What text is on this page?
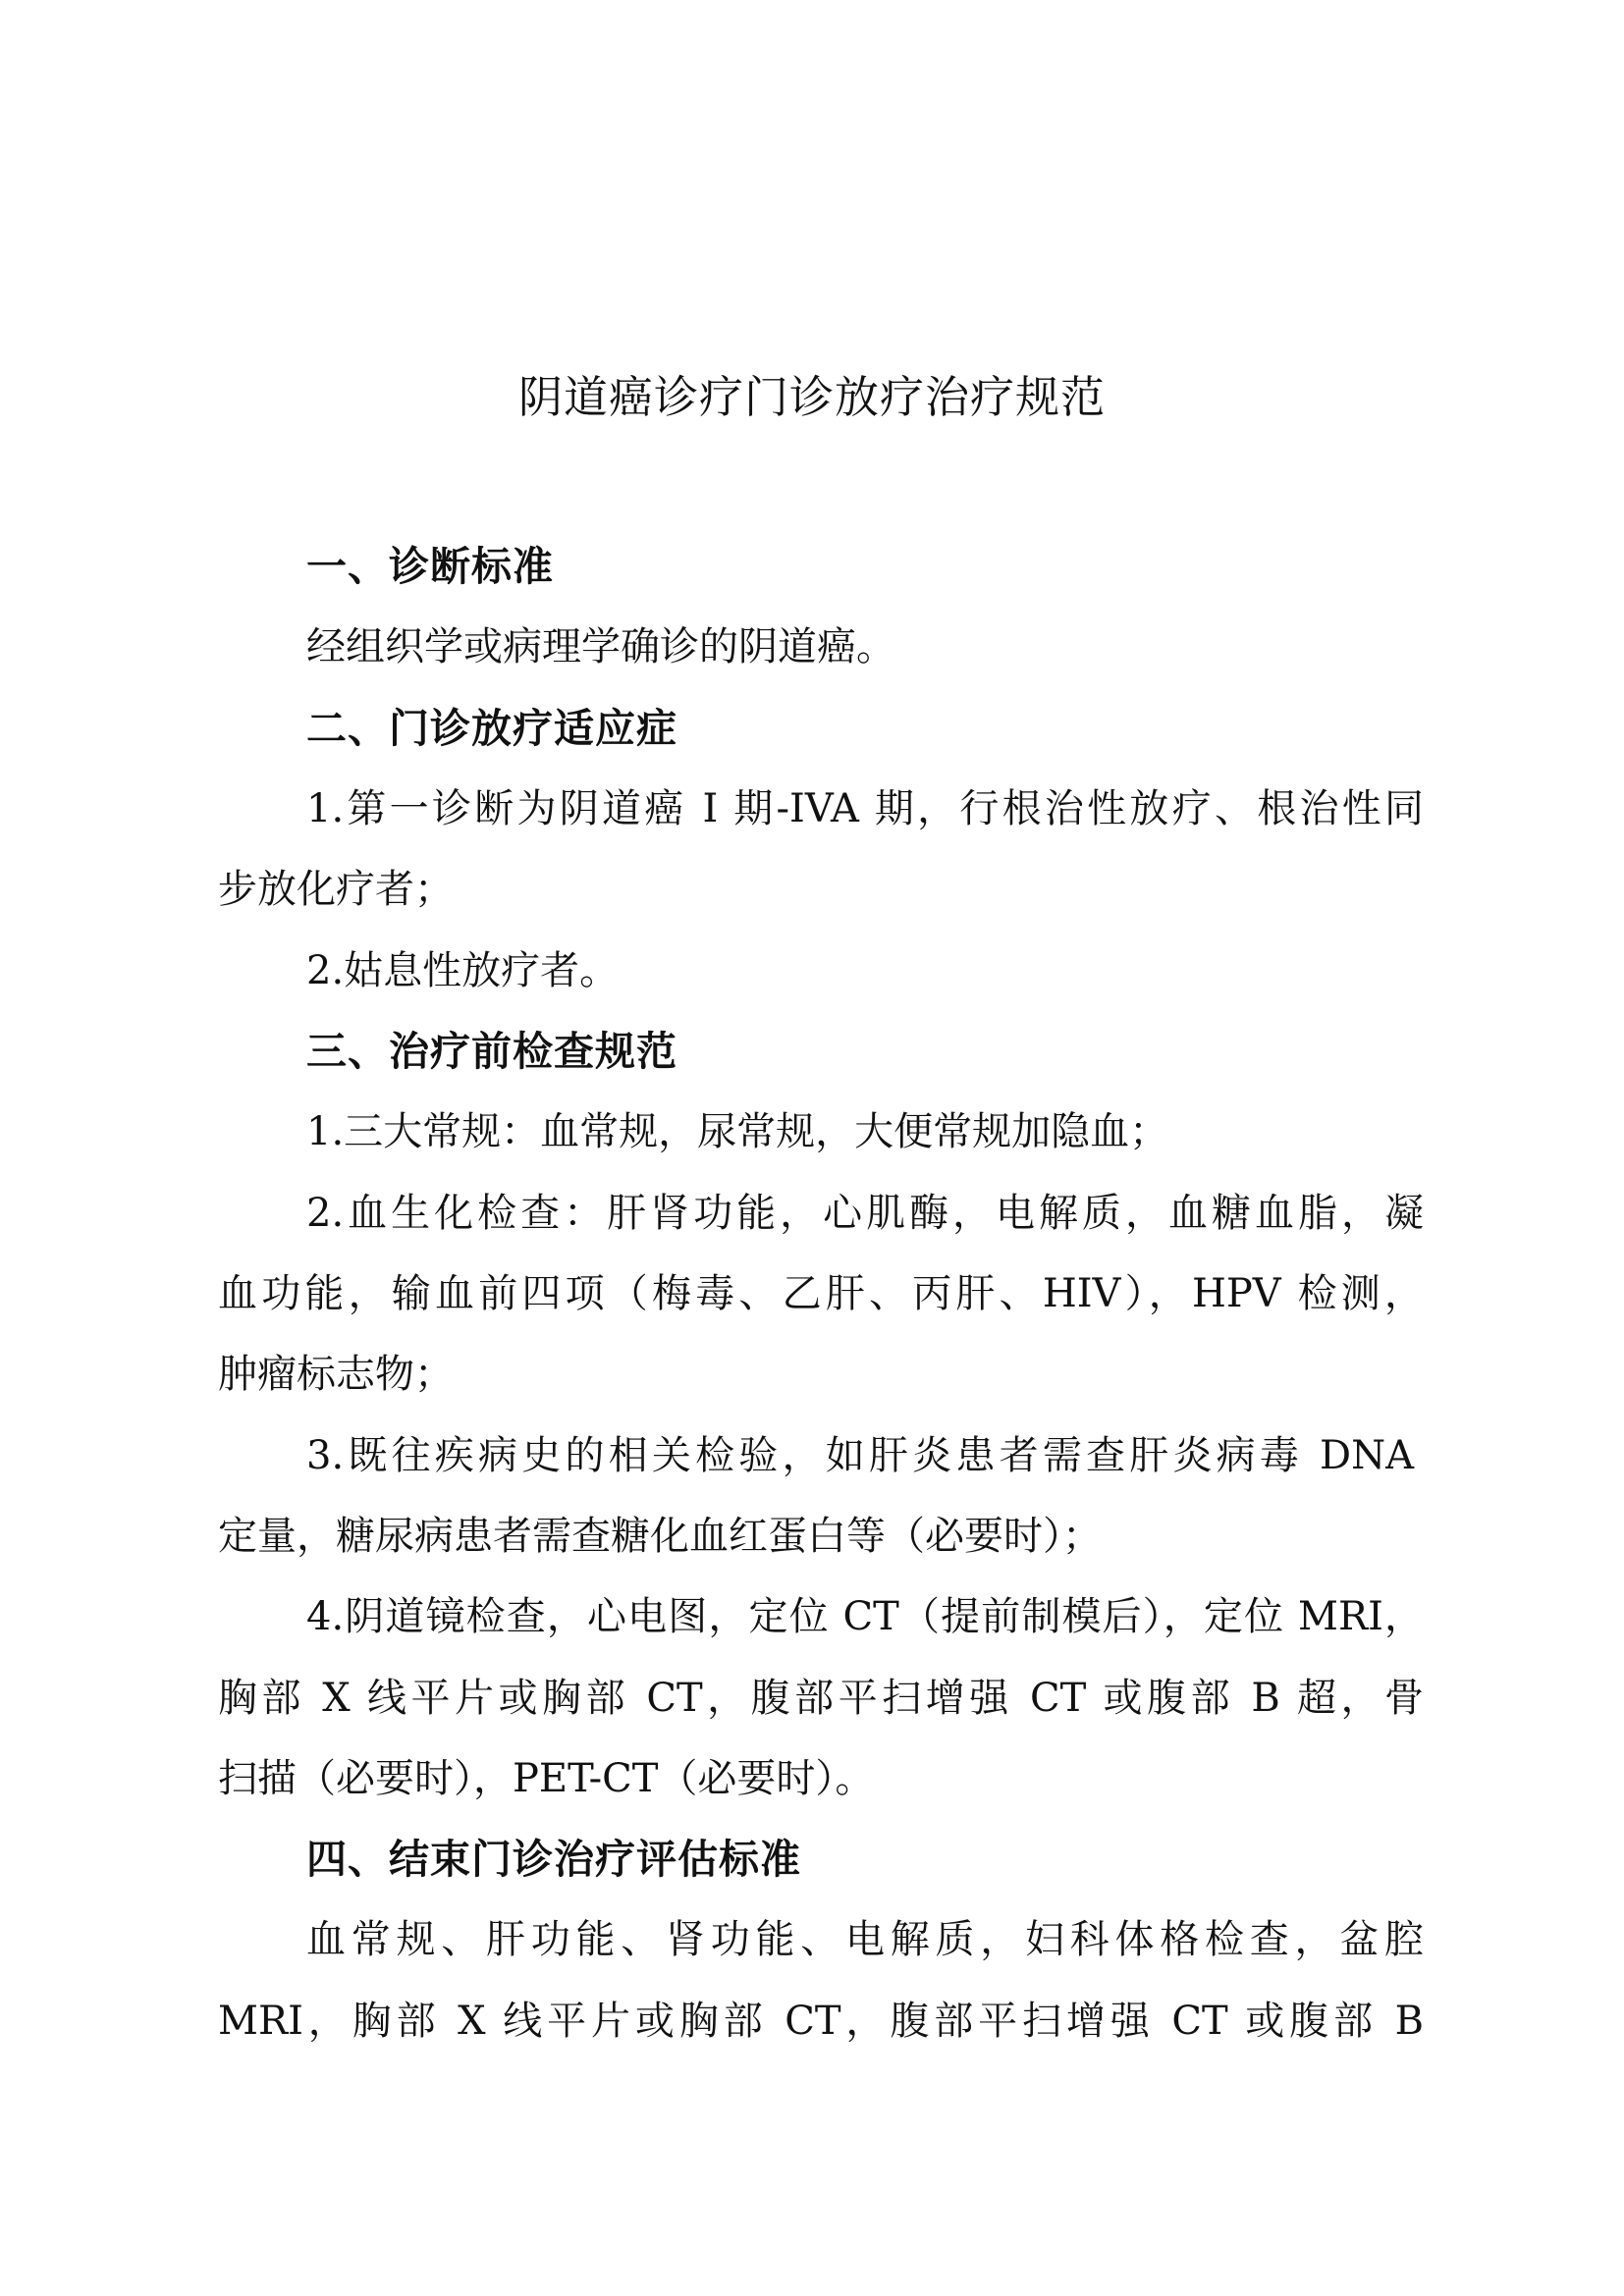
阴道癌诊疗门诊放疗治疗规范
一、诊断标准
经组织学或病理学确诊的阴道癌。
二、门诊放疗适应症
1.第一诊断为阴道癌 I 期-IVA 期，行根治性放疗、根治性同
步放化疗者；
2.姑息性放疗者。
三、治疗前检查规范
1.三大常规：血常规，尿常规，大便常规加隐血；
2.血生化检查：肝肾功能，心肌酶，电解质，血糖血脂，凝
血功能，输血前四项（梅毒、乙肝、丙肝、HIV），HPV 检测，
肿瘤标志物；
3.既往疾病史的相关检验，如肝炎患者需查肝炎病毒 DNA
定量，糖尿病患者需查糖化血红蛋白等（必要时）；
4.阴道镜检查，心电图，定位 CT（提前制模后），定位 MRI，
胸部 X 线平片或胸部 CT，腹部平扫增强 CT 或腹部 B 超，骨
扫描（必要时），PET-CT（必要时）。
四、结束门诊治疗评估标准
血常规、肝功能、肾功能、电解质，妇科体格检查，盆腔
MRI，胸部 X 线平片或胸部 CT，腹部平扫增强 CT 或腹部 B
